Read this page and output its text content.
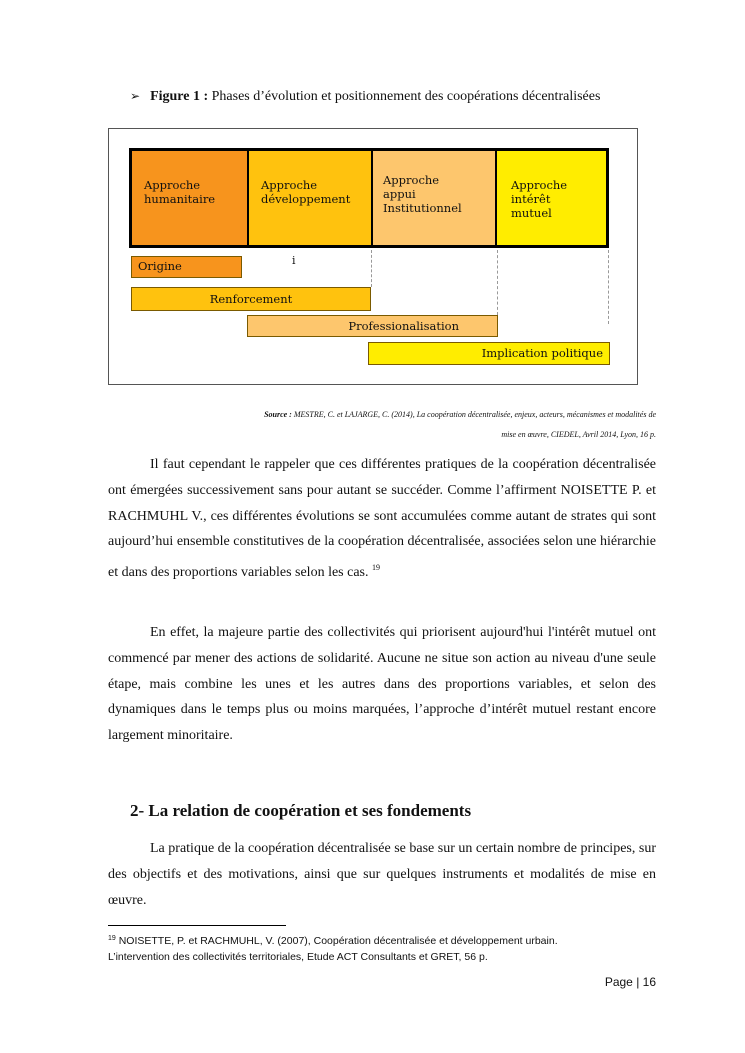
➢ Figure 1 : Phases d’évolution et positionnement des coopérations décentralisées
Approche
humanitaire
Approche
développement
Approche
appui
Institutionnel
Approche
intérêt
mutuel
i
Origine
Renforcement
Professionalisation
Implication politique
Source : MESTRE, C. et LAJARGE, C. (2014), La coopération décentralisée, enjeux, acteurs, mécanismes et modalités de
mise en œuvre, CIEDEL, Avril 2014, Lyon, 16 p.
Il faut cependant le rappeler que ces différentes pratiques de la coopération décentralisée ont émergées successivement sans pour autant se succéder. Comme l’affirment NOISETTE P. et RACHMUHL V., ces différentes évolutions se sont accumulées comme autant de strates qui sont aujourd’hui ensemble constitutives de la coopération décentralisée, associées selon une hiérarchie et dans des proportions variables selon les cas. $^{19}$
En effet, la majeure partie des collectivités qui priorisent aujourd'hui l'intérêt mutuel ont commencé par mener des actions de solidarité. Aucune ne situe son action au niveau d'une seule étape, mais combine les unes et les autres dans des proportions variables, et selon des dynamiques dans le temps plus ou moins marquées, l’approche d’intérêt mutuel restant encore largement minoritaire.
2- La relation de coopération et ses fondements
La pratique de la coopération décentralisée se base sur un certain nombre de principes, sur des objectifs et des motivations, ainsi que sur quelques instruments et modalités de mise en œuvre.
$^{19}$ NOISETTE, P. et RACHMUHL, V. (2007), Coopération décentralisée et développement urbain.
L’intervention des collectivités territoriales, Etude ACT Consultants et GRET, 56 p.
Page | 16
